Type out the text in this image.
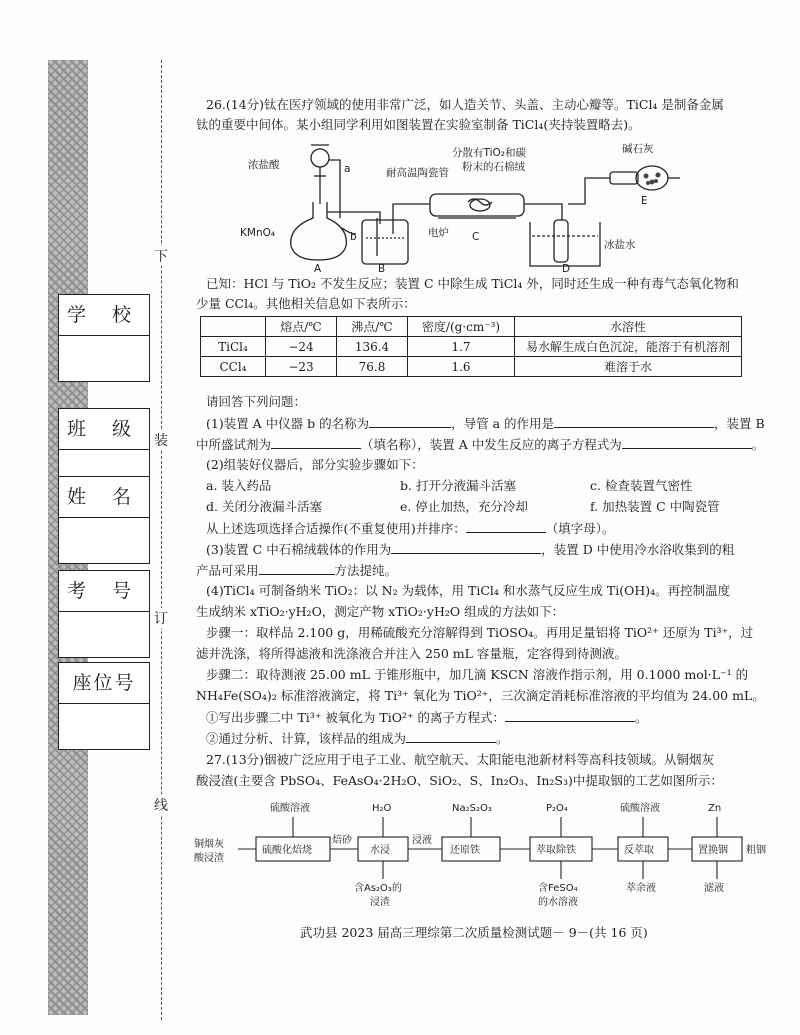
学 校
班 级
姓 名
考 号
座位号
下
装
订
线
26.(14分)钛在医疗领域的使用非常广泛，如人造关节、头盖、主动心瓣等。TiCl₄ 是制备金属
钛的重要中间体。某小组同学利用如图装置在实验室制备 TiCl₄(夹持装置略去)。
浓盐酸	a
KMnO₄	b
A	B
耐高温陶瓷管
分散有TiO₂和碳
粉末的石棉绒
电炉 C
碱石灰
E
冰盐水
D
已知：HCl 与 TiO₂ 不发生反应；装置 C 中除生成 TiCl₄ 外，同时还生成一种有毒气态氧化物和
少量 CCl₄。其他相关信息如下表所示：
	熔点/℃	沸点/℃	密度/(g·cm⁻³)	水溶性
TiCl₄	−24	136.4	1.7	易水解生成白色沉淀，能溶于有机溶剂
CCl₄	−23	76.8	1.6	难溶于水
请回答下列问题：
(1)装置 A 中仪器 b 的名称为	，导管 a 的作用是	，装置 B
中所盛试剂为	（填名称），装置 A 中发生反应的离子方程式为	。
(2)组装好仪器后，部分实验步骤如下：
a. 装入药品	b. 打开分液漏斗活塞	c. 检查装置气密性
d. 关闭分液漏斗活塞	e. 停止加热，充分冷却	f. 加热装置 C 中陶瓷管
从上述选项选择合适操作(不重复使用)并排序：	（填字母）。
(3)装置 C 中石棉绒载体的作用为	，装置 D 中使用冷水浴收集到的粗
产品可采用	方法提纯。
(4)TiCl₄ 可制备纳米 TiO₂：以 N₂ 为载体，用 TiCl₄ 和水蒸气反应生成 Ti(OH)₄。再控制温度
生成纳米 xTiO₂·yH₂O，测定产物 xTiO₂·yH₂O 组成的方法如下：
步骤一：取样品 2.100 g，用稀硫酸充分溶解得到 TiOSO₄。再用足量铝将 TiO²⁺ 还原为 Ti³⁺，过
滤并洗涤，将所得滤液和洗涤液合并注入 250 mL 容量瓶，定容得到待测液。
步骤二：取待测液 25.00 mL 于锥形瓶中，加几滴 KSCN 溶液作指示剂，用 0.1000 mol·L⁻¹ 的
NH₄Fe(SO₄)₂ 标准溶液滴定，将 Ti³⁺ 氧化为 TiO²⁺，三次滴定消耗标准溶液的平均值为 24.00 mL。
①写出步骤二中 Ti³⁺ 被氧化为 TiO²⁺ 的离子方程式：	。
②通过分析、计算，该样品的组成为	。
27.(13分)铟被广泛应用于电子工业、航空航天、太阳能电池新材料等高科技领域。从铜烟灰
酸浸渣(主要含 PbSO₄、FeAsO₄·2H₂O、SiO₂、S、In₂O₃、In₂S₃)中提取铟的工艺如图所示：
铜烟灰
酸浸渣
硫酸化焙烧	水浸	还原铁	萃取除铁	反萃取	置换铟
硫酸溶液	H₂O	Na₂S₂O₃	P₂O₄	硫酸溶液	Zn
焙砂	浸液
粗铟
含As₂O₃的
浸渣
含FeSO₄
的水溶液
萃余液	滤液
武功县 2023 届高三理综第二次质量检测试题－ 9－(共 16 页)
